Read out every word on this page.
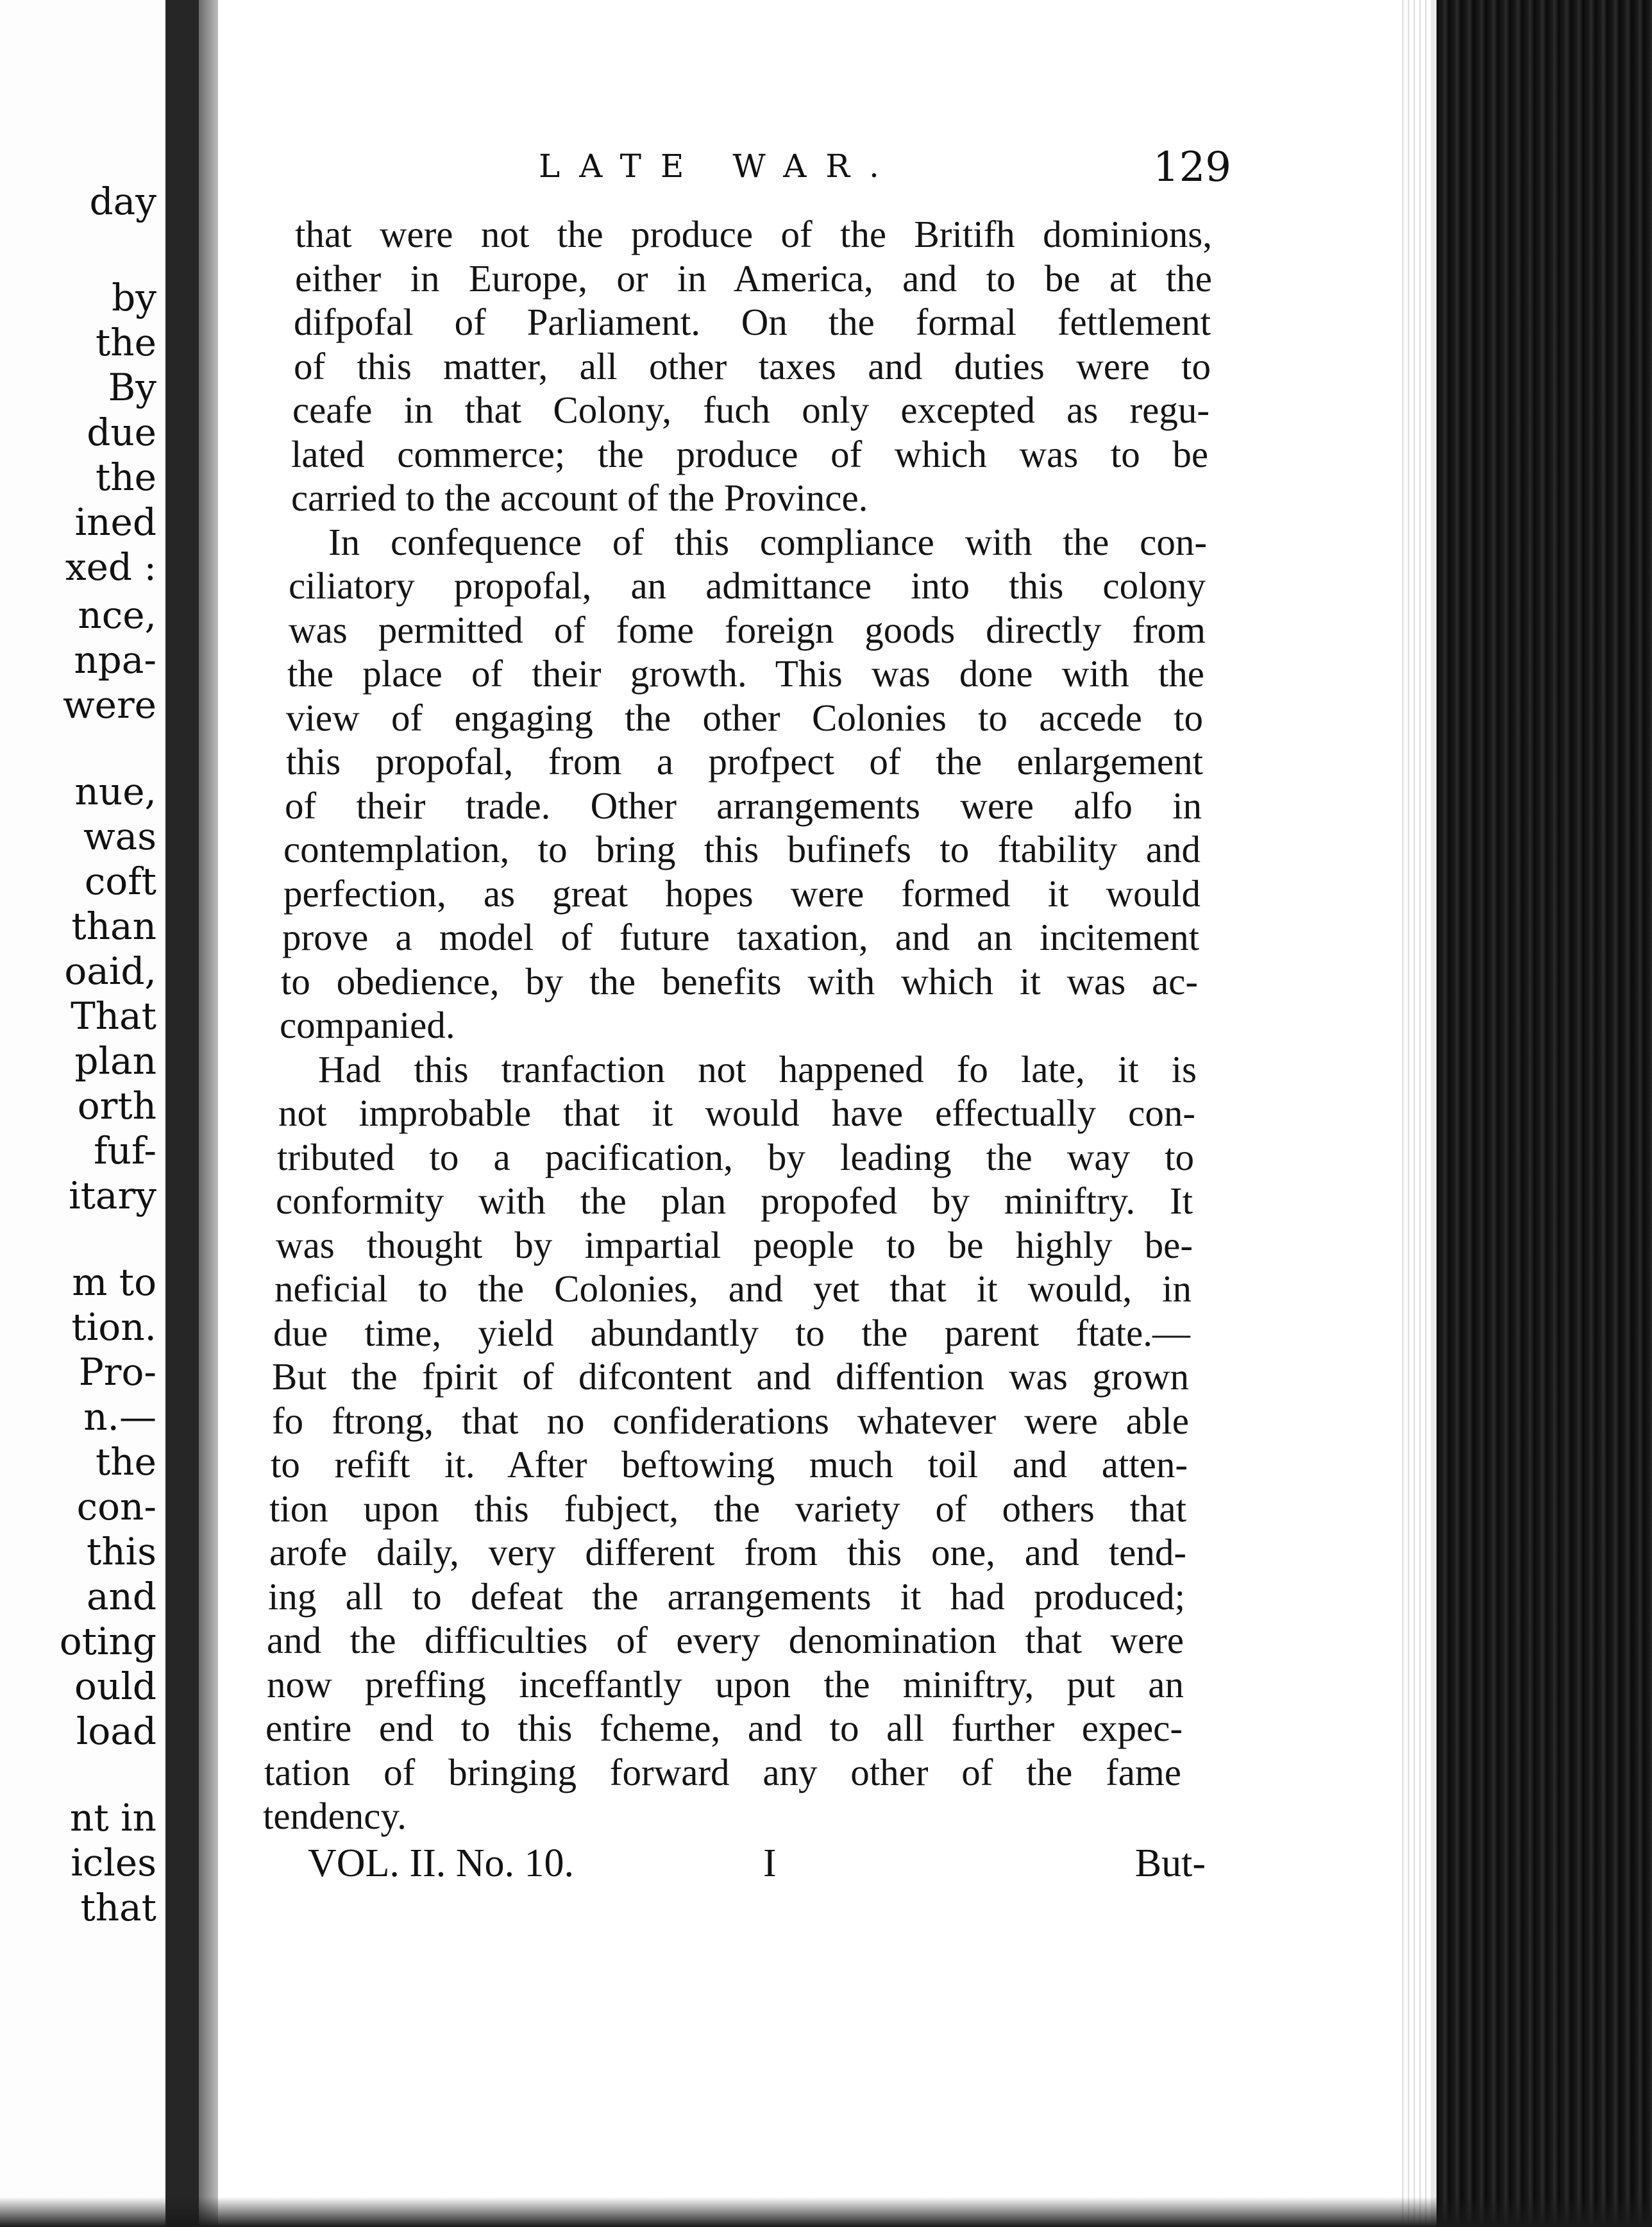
day
by
the
By
due
the
ined
xed :
nce,
npa-
were
nue,
was
coft
than
oaid,
That
plan
orth
fuf-
itary
m to
tion.
Pro-
n.—
the
con-
this
and
oting
ould
load
nt in
icles
that
LATE WAR.	129
that were not the produce of the Britifh dominions,
either in Europe, or in America, and to be at the
difpofal of Parliament. On the formal fettlement
of this matter, all other taxes and duties were to
ceafe in that Colony, fuch only excepted as regu-
lated commerce; the produce of which was to be
carried to the account of the Province.
In confequence of this compliance with the con-
ciliatory propofal, an admittance into this colony
was permitted of fome foreign goods directly from
the place of their growth. This was done with the
view of engaging the other Colonies to accede to
this propofal, from a profpect of the enlargement
of their trade. Other arrangements were alfo in
contemplation, to bring this bufinefs to ftability and
perfection, as great hopes were formed it would
prove a model of future taxation, and an incitement
to obedience, by the benefits with which it was ac-
companied.
Had this tranfaction not happened fo late, it is
not improbable that it would have effectually con-
tributed to a pacification, by leading the way to
conformity with the plan propofed by miniftry. It
was thought by impartial people to be highly be-
neficial to the Colonies, and yet that it would, in
due time, yield abundantly to the parent ftate.—
But the fpirit of difcontent and diffention was grown
fo ftrong, that no confiderations whatever were able
to refift it. After beftowing much toil and atten-
tion upon this fubject, the variety of others that
arofe daily, very different from this one, and tend-
ing all to defeat the arrangements it had produced;
and the difficulties of every denomination that were
now preffing inceffantly upon the miniftry, put an
entire end to this fcheme, and to all further expec-
tation of bringing forward any other of the fame
tendency.
VOL. II. No. 10.	I	But-
